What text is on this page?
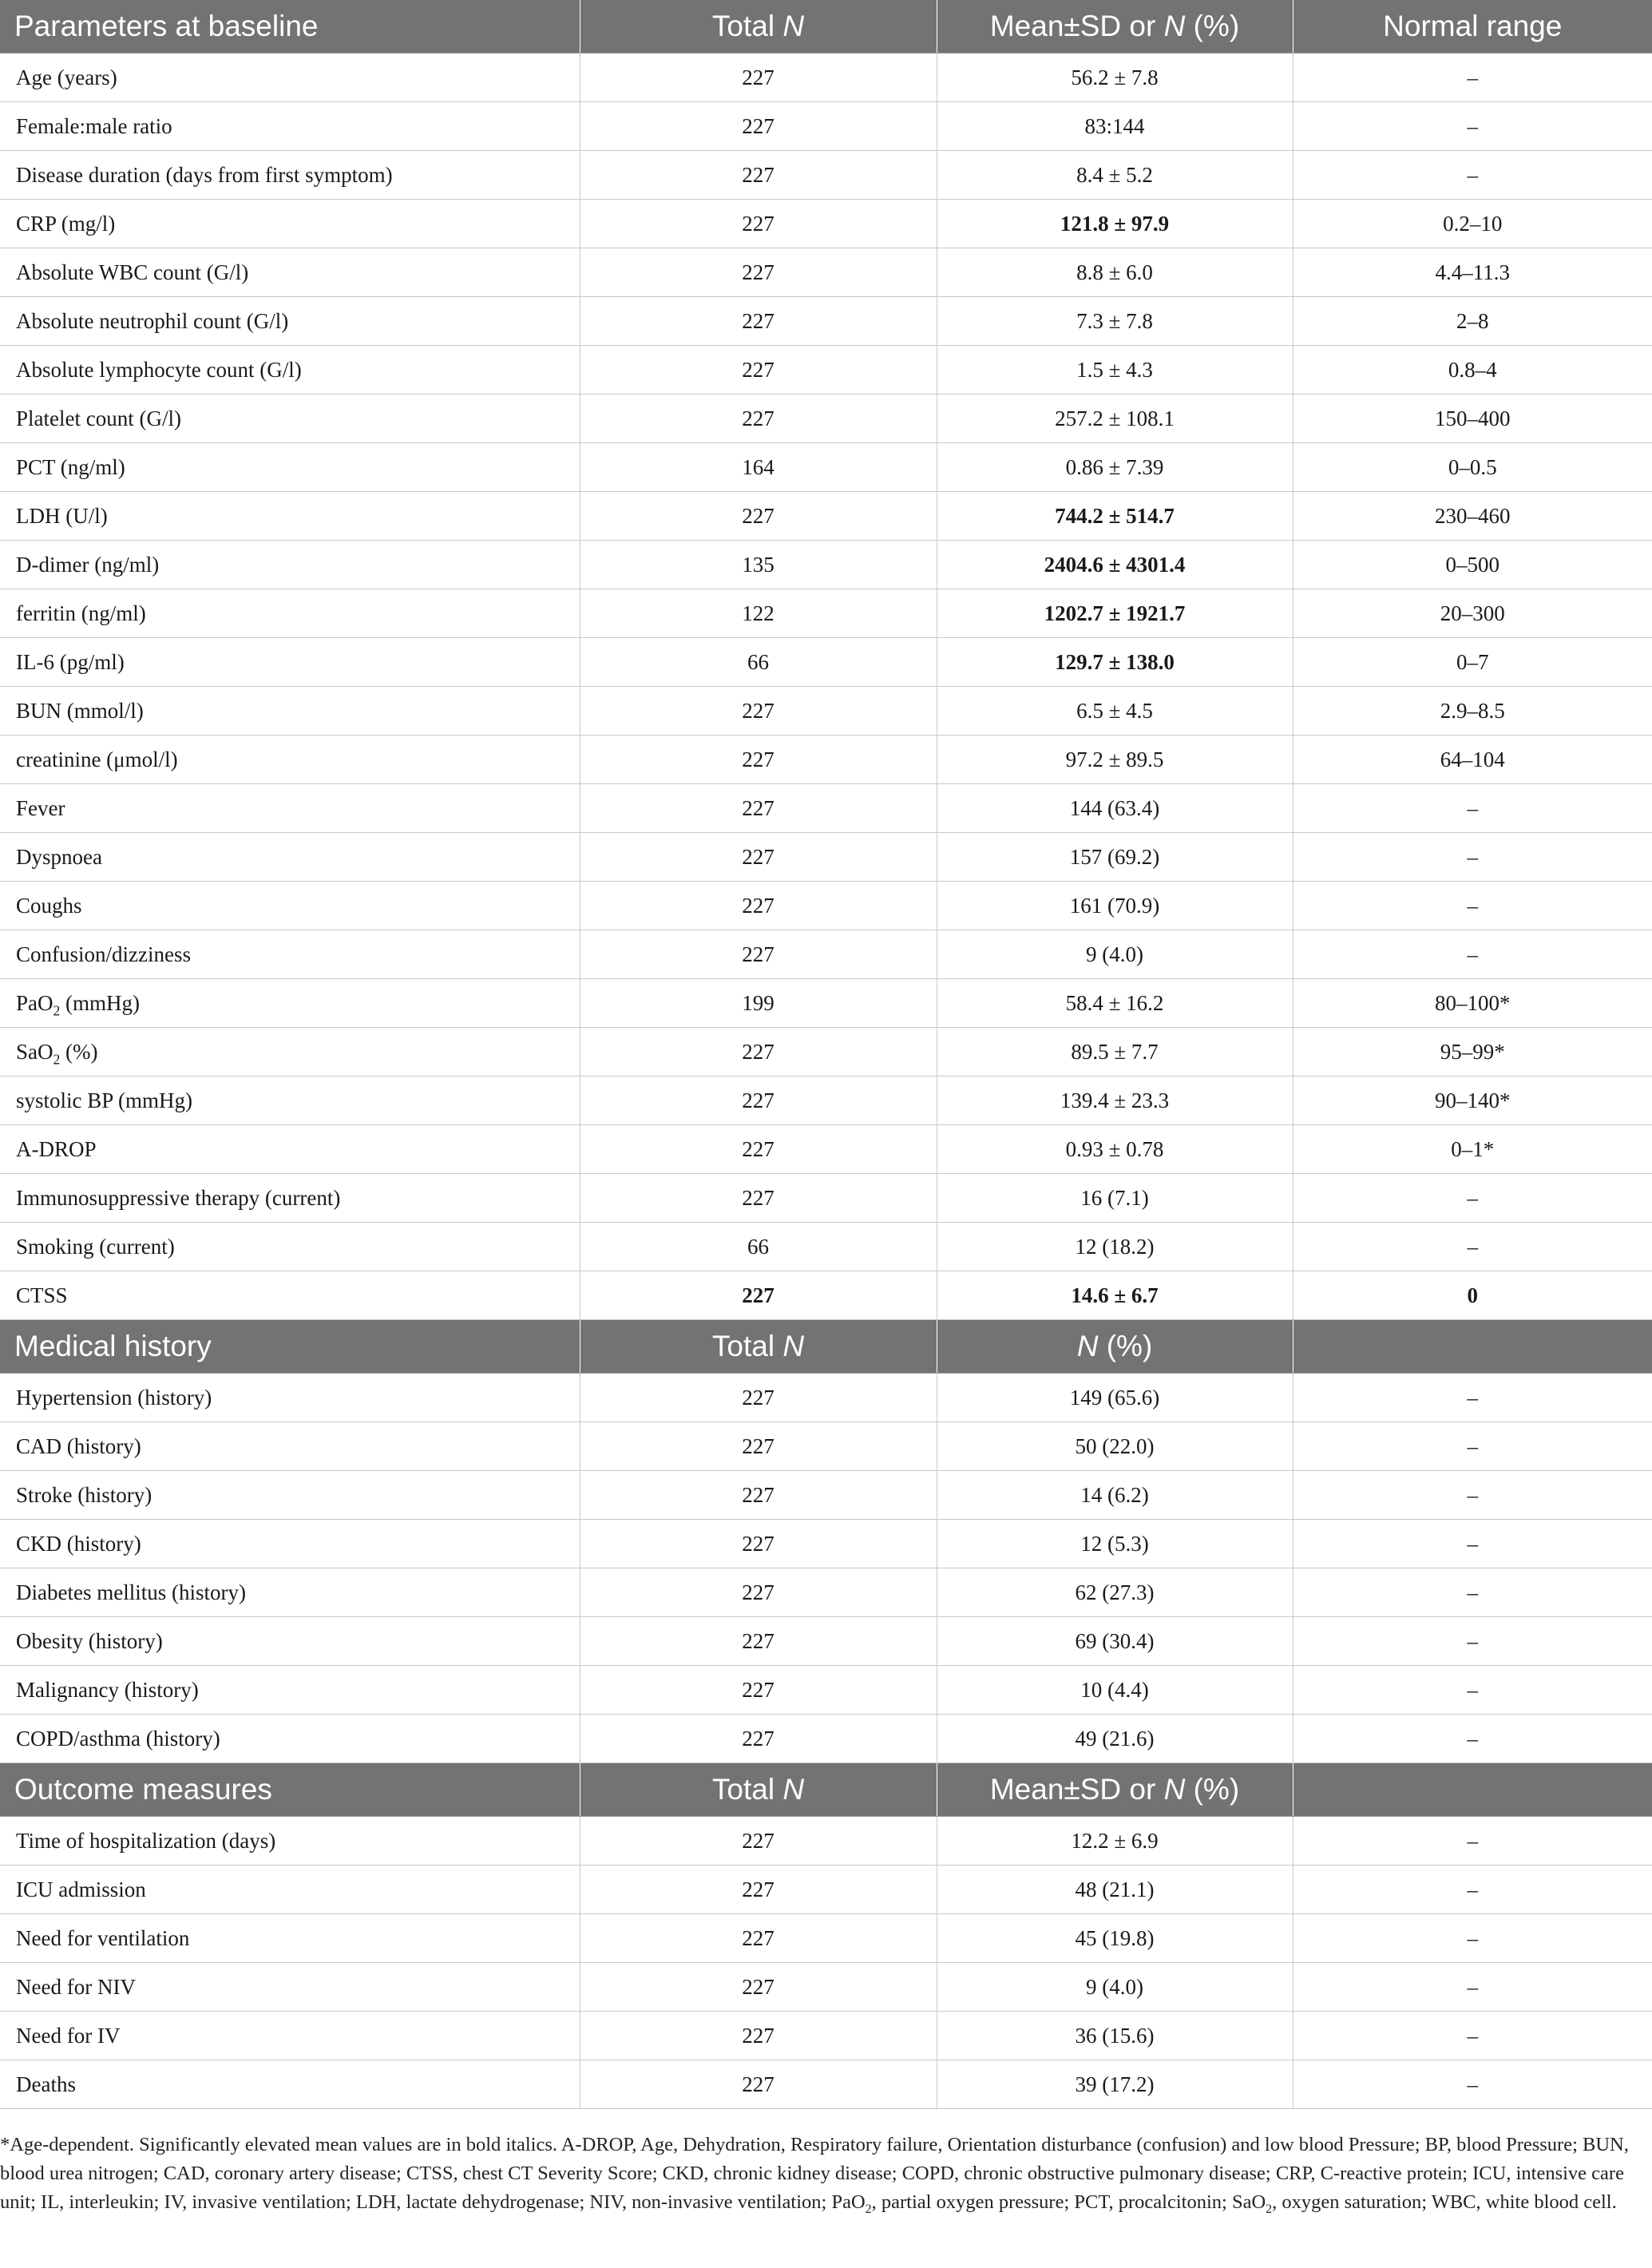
Parameters at baseline	Total N	Mean±SD or N (%)	Normal range
Age (years)	227	56.2 ± 7.8	–
Female:male ratio	227	83:144	–
Disease duration (days from first symptom)	227	8.4 ± 5.2	–
CRP (mg/l)	227	121.8 ± 97.9	0.2–10
Absolute WBC count (G/l)	227	8.8 ± 6.0	4.4–11.3
Absolute neutrophil count (G/l)	227	7.3 ± 7.8	2–8
Absolute lymphocyte count (G/l)	227	1.5 ± 4.3	0.8–4
Platelet count (G/l)	227	257.2 ± 108.1	150–400
PCT (ng/ml)	164	0.86 ± 7.39	0–0.5
LDH (U/l)	227	744.2 ± 514.7	230–460
D-dimer (ng/ml)	135	2404.6 ± 4301.4	0–500
ferritin (ng/ml)	122	1202.7 ± 1921.7	20–300
IL-6 (pg/ml)	66	129.7 ± 138.0	0–7
BUN (mmol/l)	227	6.5 ± 4.5	2.9–8.5
creatinine (μmol/l)	227	97.2 ± 89.5	64–104
Fever	227	144 (63.4)	–
Dyspnoea	227	157 (69.2)	–
Coughs	227	161 (70.9)	–
Confusion/dizziness	227	9 (4.0)	–
PaO$_2$ (mmHg)	199	58.4 ± 16.2	80–100*
SaO$_2$ (%)	227	89.5 ± 7.7	95–99*
systolic BP (mmHg)	227	139.4 ± 23.3	90–140*
A-DROP	227	0.93 ± 0.78	0–1*
Immunosuppressive therapy (current)	227	16 (7.1)	–
Smoking (current)	66	12 (18.2)	–
CTSS	227	14.6 ± 6.7	0
Medical history	Total N	N (%)	
Hypertension (history)	227	149 (65.6)	–
CAD (history)	227	50 (22.0)	–
Stroke (history)	227	14 (6.2)	–
CKD (history)	227	12 (5.3)	–
Diabetes mellitus (history)	227	62 (27.3)	–
Obesity (history)	227	69 (30.4)	–
Malignancy (history)	227	10 (4.4)	–
COPD/asthma (history)	227	49 (21.6)	–
Outcome measures	Total N	Mean±SD or N (%)	
Time of hospitalization (days)	227	12.2 ± 6.9	–
ICU admission	227	48 (21.1)	–
Need for ventilation	227	45 (19.8)	–
Need for NIV	227	9 (4.0)	–
Need for IV	227	36 (15.6)	–
Deaths	227	39 (17.2)	–
*Age-dependent. Significantly elevated mean values are in bold italics. A-DROP, Age, Dehydration, Respiratory failure, Orientation disturbance (confusion) and low blood Pressure; BP, blood Pressure; BUN, blood urea nitrogen; CAD, coronary artery disease; CTSS, chest CT Severity Score; CKD, chronic kidney disease; COPD, chronic obstructive pulmonary disease; CRP, C-reactive protein; ICU, intensive care unit; IL, interleukin; IV, invasive ventilation; LDH, lactate dehydrogenase; NIV, non-invasive ventilation; PaO$_2$, partial oxygen pressure; PCT, procalcitonin; SaO$_2$, oxygen saturation; WBC, white blood cell.
